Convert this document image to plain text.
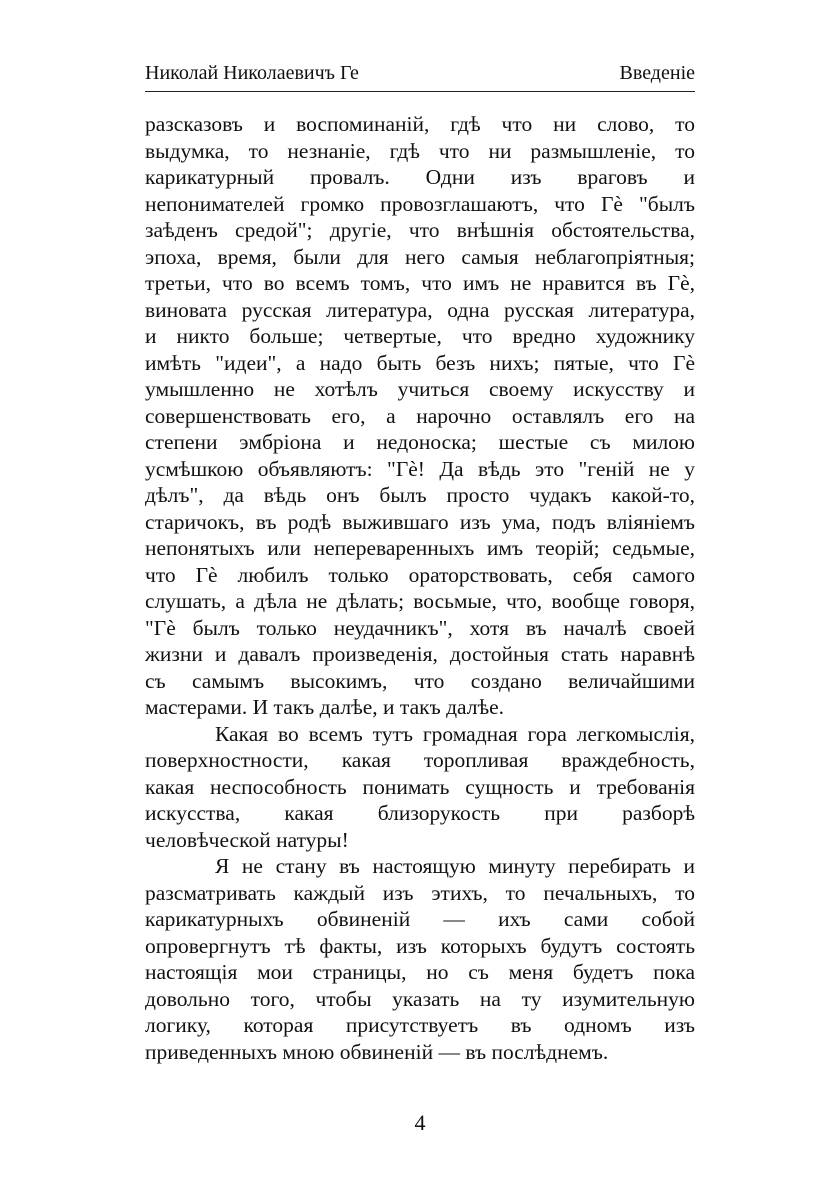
Николай Николаевичъ Ге	Введеніе
разсказовъ и воспоминаній, гдѣ что ни слово, то
выдумка, то незнаніе, гдѣ что ни размышленіе, то
карикатурный провалъ. Одни изъ враговъ и
непонимателей громко провозглашаютъ, что Гè "былъ
заѣденъ средой"; другіе, что внѣшнія обстоятельства,
эпоха, время, были для него самыя неблагопріятныя;
третьи, что во всемъ томъ, что имъ не нравится въ Гè,
виновата русская литература, одна русская литература,
и никто больше; четвертые, что вредно художнику
имѣть "идеи", а надо быть безъ нихъ; пятые, что Гè
умышленно не хотѣлъ учиться своему искусству и
совершенствовать его, а нарочно оставлялъ его на
степени эмбріона и недоноска; шестые съ милою
усмѣшкою объявляютъ: "Гè! Да вѣдь это "геній не у
дѣлъ", да вѣдь онъ былъ просто чудакъ какой-то,
старичокъ, въ родѣ выжившаго изъ ума, подъ вліяніемъ
непонятыхъ или непереваренныхъ имъ теорій; седьмые,
что Гè любилъ только ораторствовать, себя самого
слушать, а дѣла не дѣлать; восьмые, что, вообще говоря,
"Гè былъ только неудачникъ", хотя въ началѣ своей
жизни и давалъ произведенія, достойныя стать наравнѣ
съ самымъ высокимъ, что создано величайшими
мастерами. И такъ далѣе, и такъ далѣе.
Какая во всемъ тутъ громадная гора легкомыслія,
поверхностности, какая торопливая враждебность,
какая неспособность понимать сущность и требованія
искусства, какая близорукость при разборѣ
человѣческой натуры!
Я не стану въ настоящую минуту перебирать и
разсматривать каждый изъ этихъ, то печальныхъ, то
карикатурныхъ обвиненій — ихъ сами собой
опровергнутъ тѣ факты, изъ которыхъ будутъ состоять
настоящія мои страницы, но съ меня будетъ пока
довольно того, чтобы указать на ту изумительную
логику, которая присутствуетъ въ одномъ изъ
приведенныхъ мною обвиненій — въ послѣднемъ.
4
